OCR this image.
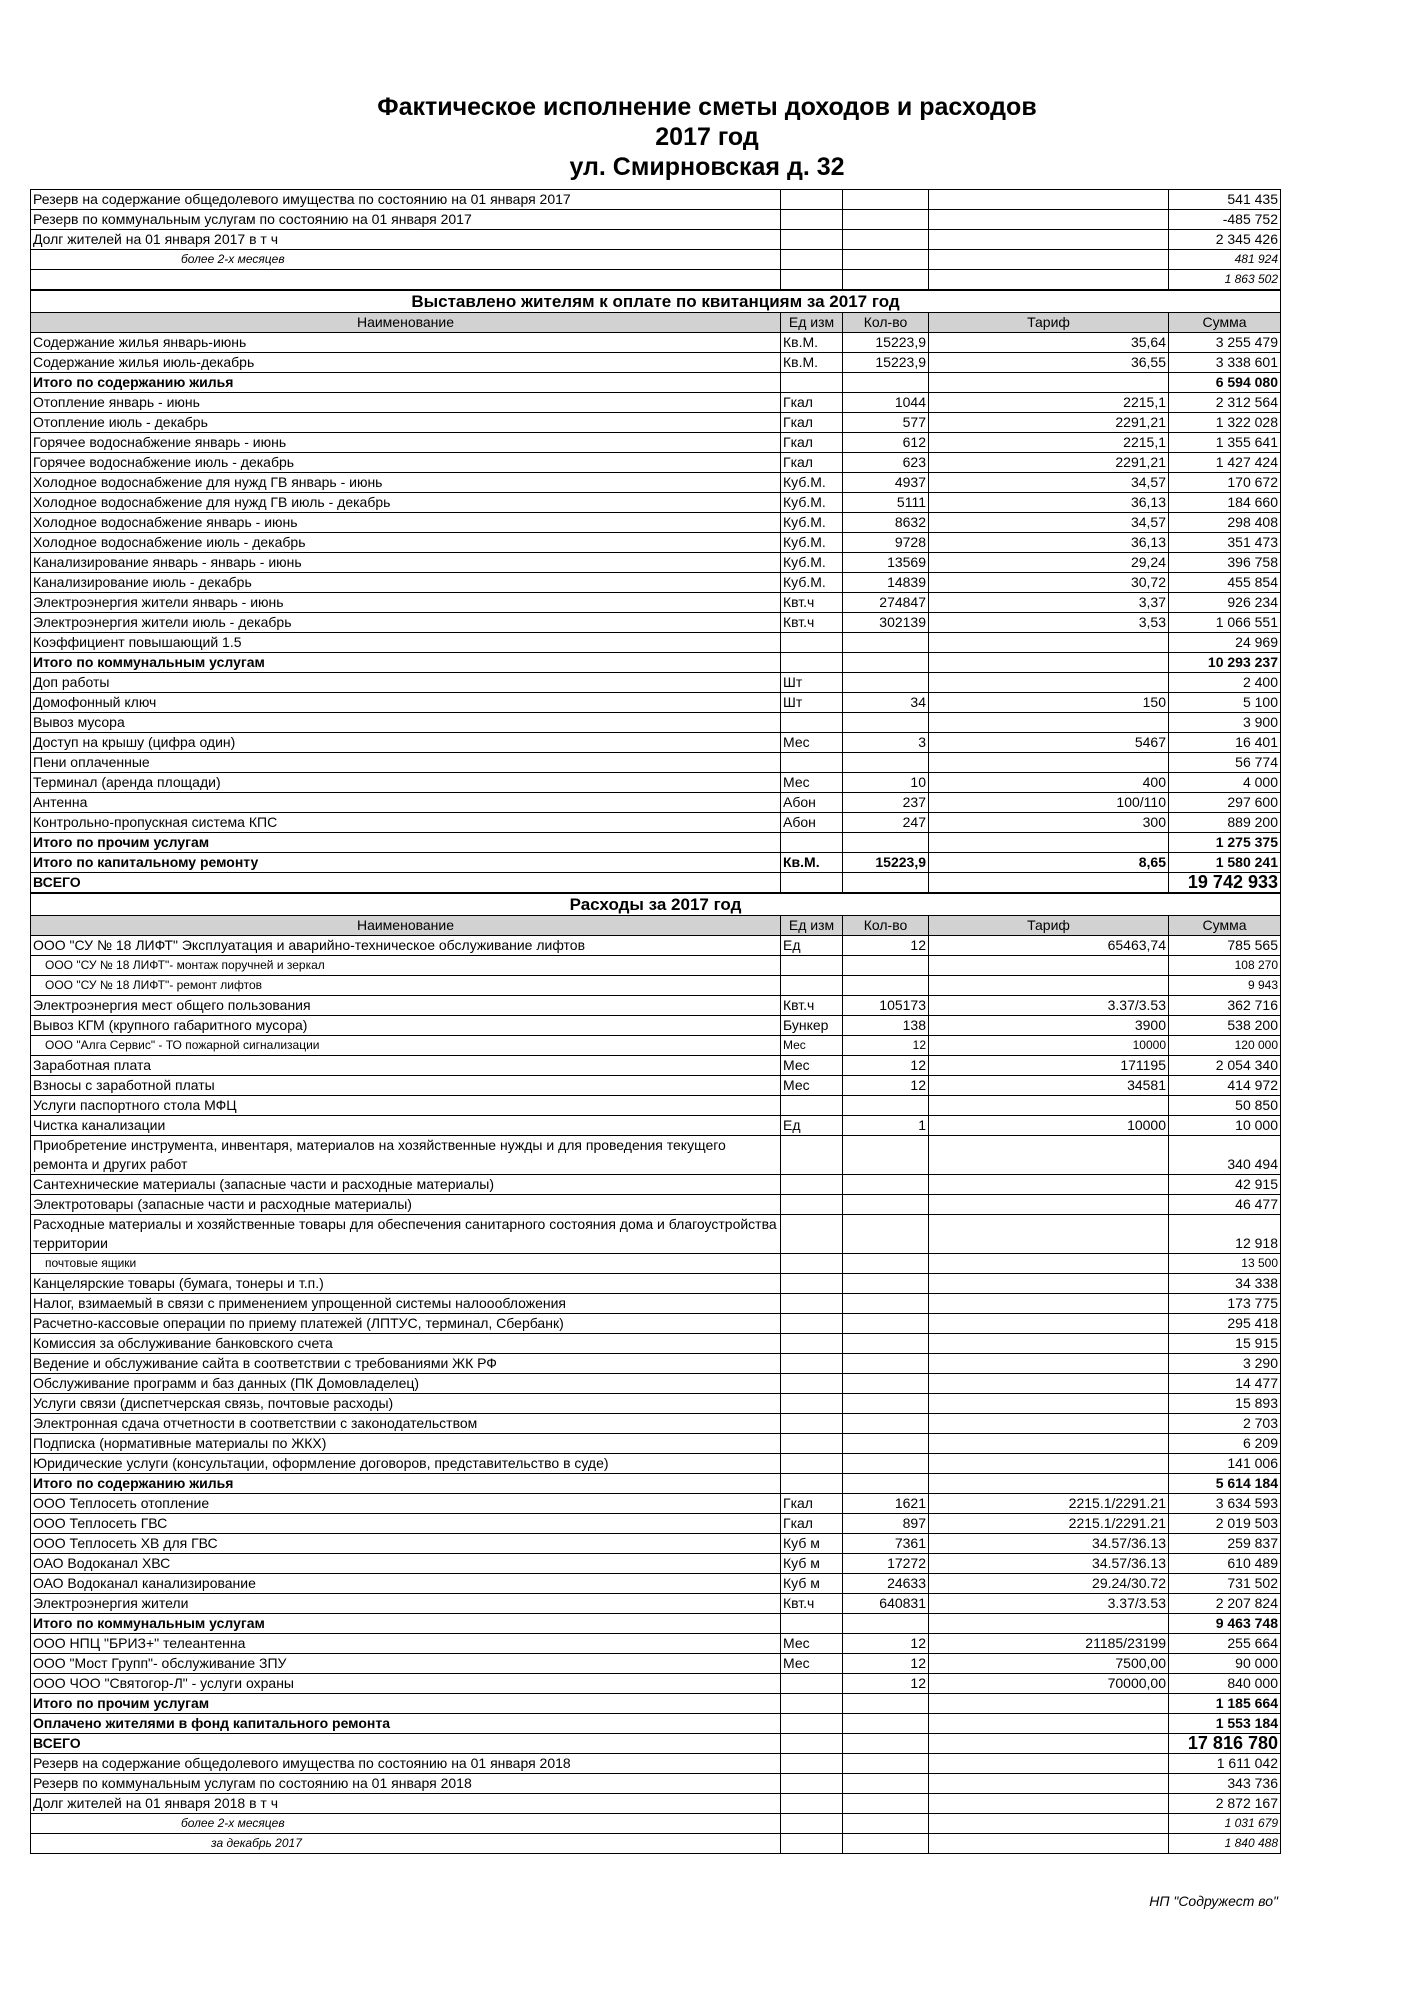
Фактическое исполнение сметы доходов и расходов
2017 год
ул. Смирновская д. 32
Резерв на содержание общедолевого имущества по состоянию на 01 января 2017				541 435
Резерв по коммунальным услугам по состоянию на 01 января 2017				-485 752
Долг жителей на 01 января 2017 в т ч				2 345 426
более 2-х месяцев				481 924
				1 863 502
Выставлено жителям к оплате по квитанциям за 2017 год				
Наименование	Ед изм	Кол-во	Тариф	Сумма
Содержание жилья январь-июнь	Кв.М.	15223,9	35,64	3 255 479
Содержание жилья июль-декабрь	Кв.М.	15223,9	36,55	3 338 601
Итого по содержанию жилья				6 594 080
Отопление январь - июнь	Гкал	1044	2215,1	2 312 564
Отопление июль - декабрь	Гкал	577	2291,21	1 322 028
Горячее водоснабжение январь - июнь	Гкал	612	2215,1	1 355 641
Горячее водоснабжение июль - декабрь	Гкал	623	2291,21	1 427 424
Холодное водоснабжение для нужд ГВ январь - июнь	Куб.М.	4937	34,57	170 672
Холодное водоснабжение для нужд ГВ июль - декабрь	Куб.М.	5111	36,13	184 660
Холодное водоснабжение январь - июнь	Куб.М.	8632	34,57	298 408
Холодное водоснабжение июль - декабрь	Куб.М.	9728	36,13	351 473
Канализирование январь - январь - июнь	Куб.М.	13569	29,24	396 758
Канализирование июль - декабрь	Куб.М.	14839	30,72	455 854
Электроэнергия жители январь - июнь	Квт.ч	274847	3,37	926 234
Электроэнергия жители июль - декабрь	Квт.ч	302139	3,53	1 066 551
Коэффициент повышающий 1.5				24 969
Итого по коммунальным услугам				10 293 237
Доп работы	Шт			2 400
Домофонный ключ	Шт	34	150	5 100
Вывоз мусора				3 900
Доступ на крышу (цифра один)	Мес	3	5467	16 401
Пени оплаченные				56 774
Терминал (аренда площади)	Мес	10	400	4 000
Антенна	Абон	237	100/110	297 600
Контрольно-пропускная система КПС	Абон	247	300	889 200
Итого по прочим услугам				1 275 375
Итого по капитальному ремонту	Кв.М.	15223,9	8,65	1 580 241
ВСЕГО				19 742 933
Расходы за 2017 год				
Наименование	Ед изм	Кол-во	Тариф	Сумма
ООО "СУ № 18 ЛИФТ" Эксплуатация и аварийно-техническое обслуживание лифтов	Ед	12	65463,74	785 565
ООО "СУ № 18 ЛИФТ"- монтаж поручней и зеркал				108 270
ООО "СУ № 18 ЛИФТ"- ремонт лифтов				9 943
Электроэнергия мест общего пользования	Квт.ч	105173	3.37/3.53	362 716
Вывоз КГМ (крупного габаритного мусора)	Бункер	138	3900	538 200
ООО "Алга Сервис" - ТО пожарной сигнализации	Мес	12	10000	120 000
Заработная плата	Мес	12	171195	2 054 340
Взносы с заработной платы	Мес	12	34581	414 972
Услуги паспортного стола МФЦ				50 850
Чистка канализации	Ед	1	10000	10 000
Приобретение инструмента, инвентаря, материалов на хозяйственные нужды и для проведения текущего ремонта и других работ				340 494
Сантехнические материалы (запасные части и расходные материалы)				42 915
Электротовары (запасные части и расходные материалы)				46 477
Расходные материалы и хозяйственные товары для обеспечения санитарного состояния дома и благоустройства территории				12 918
почтовые ящики				13 500
Канцелярские товары (бумага, тонеры и т.п.)				34 338
Налог, взимаемый в связи с применением упрощенной системы налоообложения				173 775
Расчетно-кассовые операции по приему платежей (ЛПТУС, терминал, Сбербанк)				295 418
Комиссия за обслуживание банковского счета				15 915
Ведение и обслуживание сайта в соответствии с требованиями ЖК РФ				3 290
Обслуживание программ и баз данных (ПК Домовладелец)				14 477
Услуги связи (диспетчерская связь, почтовые расходы)				15 893
Электронная сдача отчетности в соответствии с законодательством				2 703
Подписка (нормативные материалы по ЖКХ)				6 209
Юридические услуги (консультации, оформление договоров, представительство в суде)				141 006
Итого по содержанию жилья				5 614 184
ООО Теплосеть отопление	Гкал	1621	2215.1/2291.21	3 634 593
ООО Теплосеть ГВС	Гкал	897	2215.1/2291.21	2 019 503
ООО Теплосеть ХВ для ГВС	Куб м	7361	34.57/36.13	259 837
ОАО Водоканал ХВС	Куб м	17272	34.57/36.13	610 489
ОАО Водоканал канализирование	Куб м	24633	29.24/30.72	731 502
Электроэнергия жители	Квт.ч	640831	3.37/3.53	2 207 824
Итого по коммунальным услугам				9 463 748
ООО НПЦ "БРИЗ+" телеантенна	Мес	12	21185/23199	255 664
ООО "Мост Групп"- обслуживание ЗПУ	Мес	12	7500,00	90 000
ООО ЧОО "Святогор-Л" - услуги охраны		12	70000,00	840 000
Итого по прочим услугам				1 185 664
Оплачено жителями в фонд капитального ремонта				1 553 184
ВСЕГО				17 816 780
Резерв на содержание общедолевого имущества по состоянию на 01 января 2018				1 611 042
Резерв по коммунальным услугам по состоянию на 01 января 2018				343 736
Долг жителей на 01 января 2018 в т ч				2 872 167
более 2-х месяцев				1 031 679
за декабрь 2017				1 840 488
НП "Содружест во"
